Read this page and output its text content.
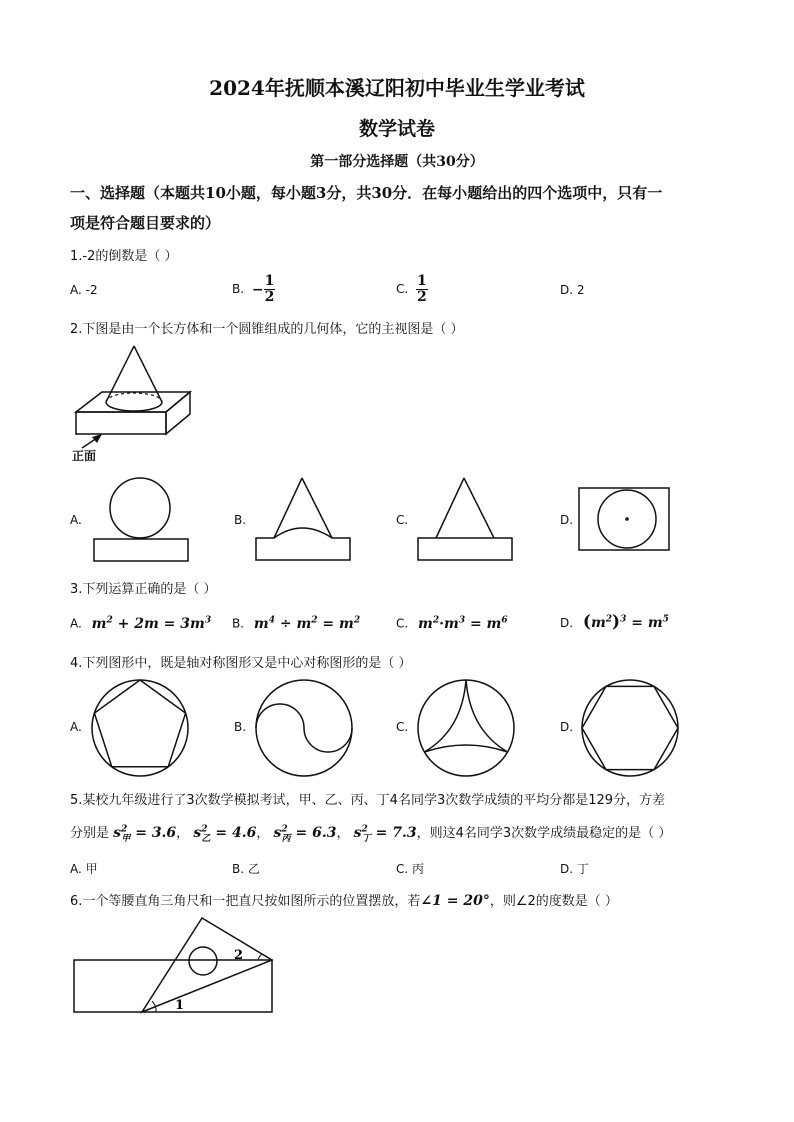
2024年抚顺本溪辽阳初中毕业生学业考试
数学试卷
第一部分选择题（共30分）
一、选择题（本题共10小题，每小题3分，共30分．在每小题给出的四个选项中，只有一
项是符合题目要求的）
1.-2的倒数是（ ）
A. -2	B. − $\frac{1}{2}$	C. $\frac{1}{2}$	D. 2
2.下图是由一个长方体和一个圆锥组成的几何体，它的主视图是（ ）
正面
A.	B.	C.	D.
3.下列运算正确的是（ ）
A. $m^2 + 2m = 3m^3$ B. $m^4 \div m^2 = m^2$	C. $m^2\cdot m^3 = m^6$	D. $(m^2)^3 = m^5$
4.下列图形中，既是轴对称图形又是中心对称图形的是（ ）
A.	B.	C.	D.
5.某校九年级进行了3次数学模拟考试，甲、乙、丙、丁4名同学3次数学成绩的平均分都是129分，方差
分别是 $s^2_甲 = 3.6$， $s^2_乙 = 4.6$， $s^2_丙 = 6.3$， $s^2_丁 = 7.3$，则这4名同学3次数学成绩最稳定的是（ ）
A. 甲	B. 乙	C. 丙	D. 丁
6.一个等腰直角三角尺和一把直尺按如图所示的位置摆放，若∠1 = 20°，则∠2的度数是（ ）
1
2
